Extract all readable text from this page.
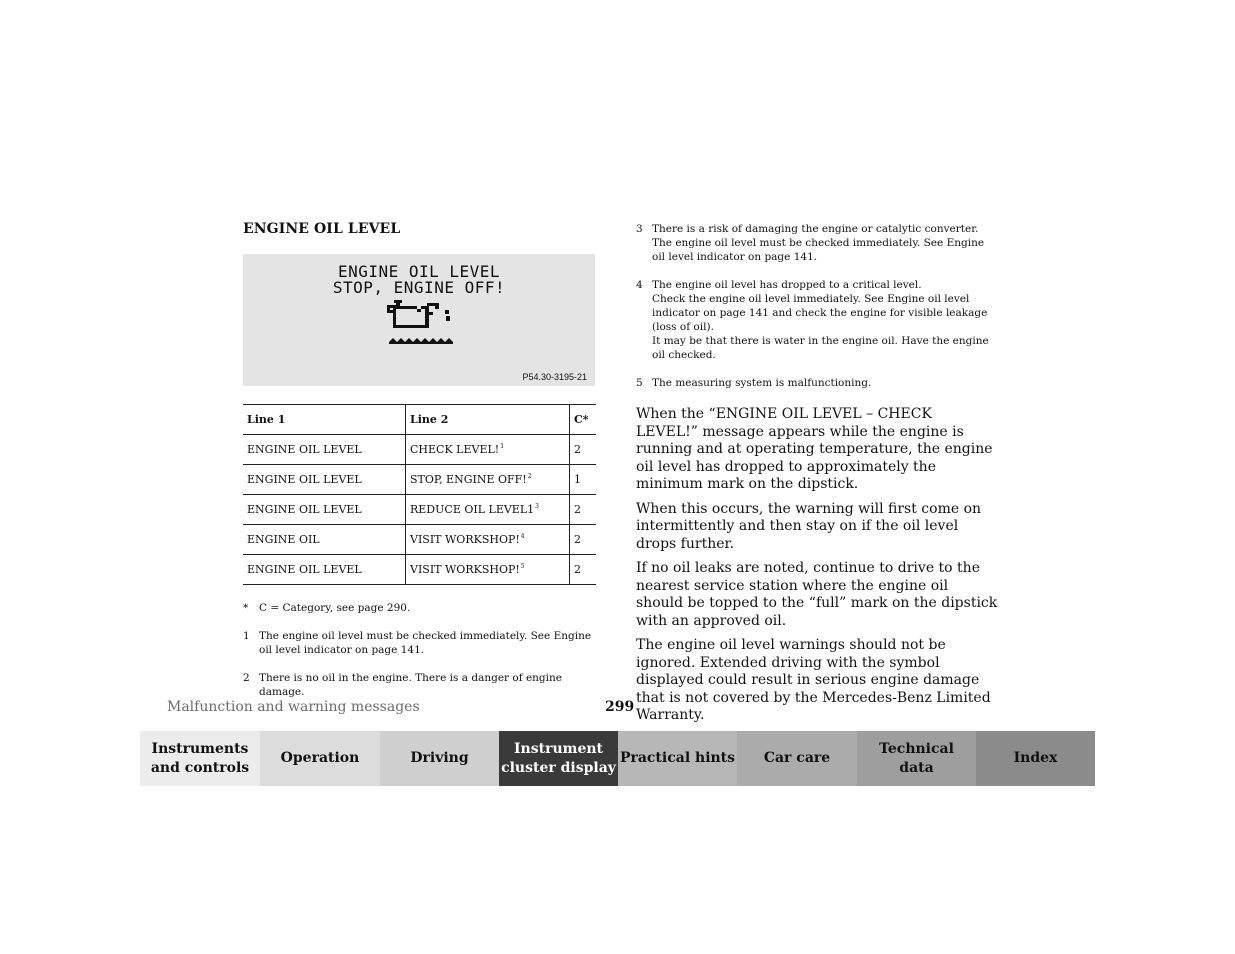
ENGINE OIL LEVEL
ENGINE OIL LEVEL
STOP, ENGINE OFF!
P54.30-3195-21
Line 1	Line 2	C*
ENGINE OIL LEVEL	CHECK LEVEL!$^1$	2
ENGINE OIL LEVEL	STOP, ENGINE OFF!$^2$	1
ENGINE OIL LEVEL	REDUCE OIL $LEVEL1^3$	2
ENGINE OIL	VISIT WORKSHOP!$^4$	2
ENGINE OIL LEVEL	VISIT WORKSHOP!$^5$	2
* C = Category, see page 290.
1 The engine oil level must be checked immediately. See Engine oil level indicator on page 141.
2 There is no oil in the engine. There is a danger of engine damage.
3 There is a risk of damaging the engine or catalytic converter. The engine oil level must be checked immediately. See Engine oil level indicator on page 141.
4 The engine oil level has dropped to a critical level.
Check the engine oil level immediately. See Engine oil level indicator on page 141 and check the engine for visible leakage (loss of oil).
It may be that there is water in the engine oil. Have the engine oil checked.
5 The measuring system is malfunctioning.

When the “ENGINE OIL LEVEL – CHECK LEVEL!” message appears while the engine is running and at operating temperature, the engine oil level has dropped to approximately the minimum mark on the dipstick.

When this occurs, the warning will first come on intermittently and then stay on if the oil level drops further.

If no oil leaks are noted, continue to drive to the nearest service station where the engine oil should be topped to the “full” mark on the dipstick with an approved oil.

The engine oil level warnings should not be ignored. Extended driving with the symbol displayed could result in serious engine damage that is not covered by the Mercedes-Benz Limited Warranty.

Malfunction and warning messages	299
Instruments
and controls
Operation	Driving
Instrument
cluster display
Practical hints Car care
Technical
data
Index
